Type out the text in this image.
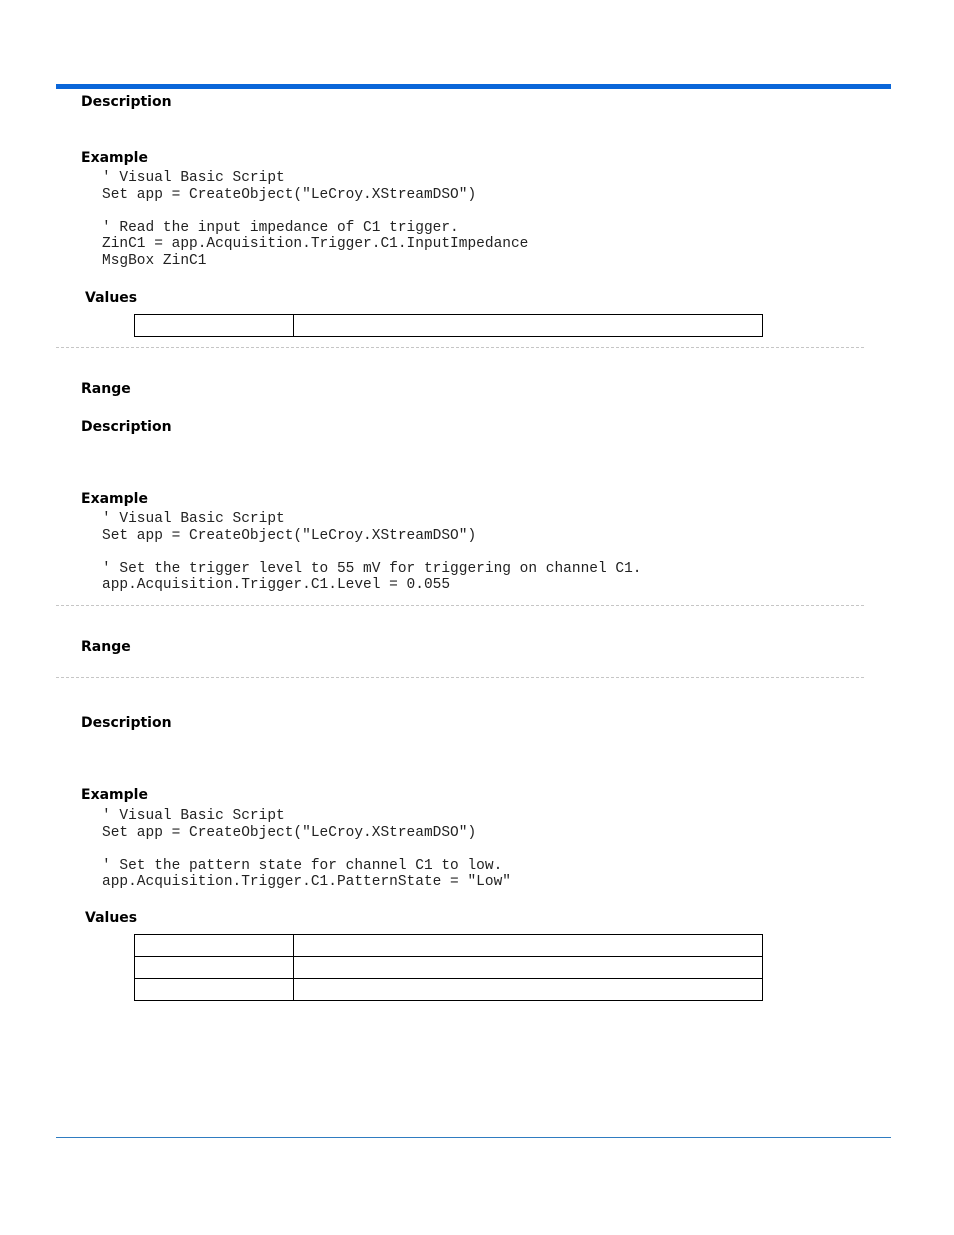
Description
Example
' Visual Basic Script
Set app = CreateObject("LeCroy.XStreamDSO")

' Read the input impedance of C1 trigger.
ZinC1 = app.Acquisition.Trigger.C1.InputImpedance
MsgBox ZinC1
Values

Range
Description
Example
' Visual Basic Script
Set app = CreateObject("LeCroy.XStreamDSO")

' Set the trigger level to 55 mV for triggering on channel C1.
app.Acquisition.Trigger.C1.Level = 0.055
Range
Description
Example
' Visual Basic Script
Set app = CreateObject("LeCroy.XStreamDSO")

' Set the pattern state for channel C1 to low.
app.Acquisition.Trigger.C1.PatternState = "Low"
Values
